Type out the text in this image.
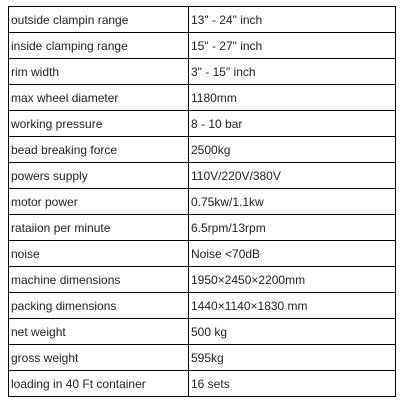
outside clampin range	13" - 24" inch
inside clamping range	15" - 27" inch
rim width	3" - 15" inch
max wheel diameter	1180mm
working pressure	8 - 10 bar
bead breaking force	2500kg
powers supply	110V/220V/380V
motor power	0.75kw/1.1kw
rataiion per minute	6.5rpm/13rpm
noise	Noise <70dB
machine dimensions	1950×2450×2200mm
packing dimensions	1440×1140×1830 mm
net weight	500 kg
gross weight	595kg
loading in 40 Ft container	16 sets
